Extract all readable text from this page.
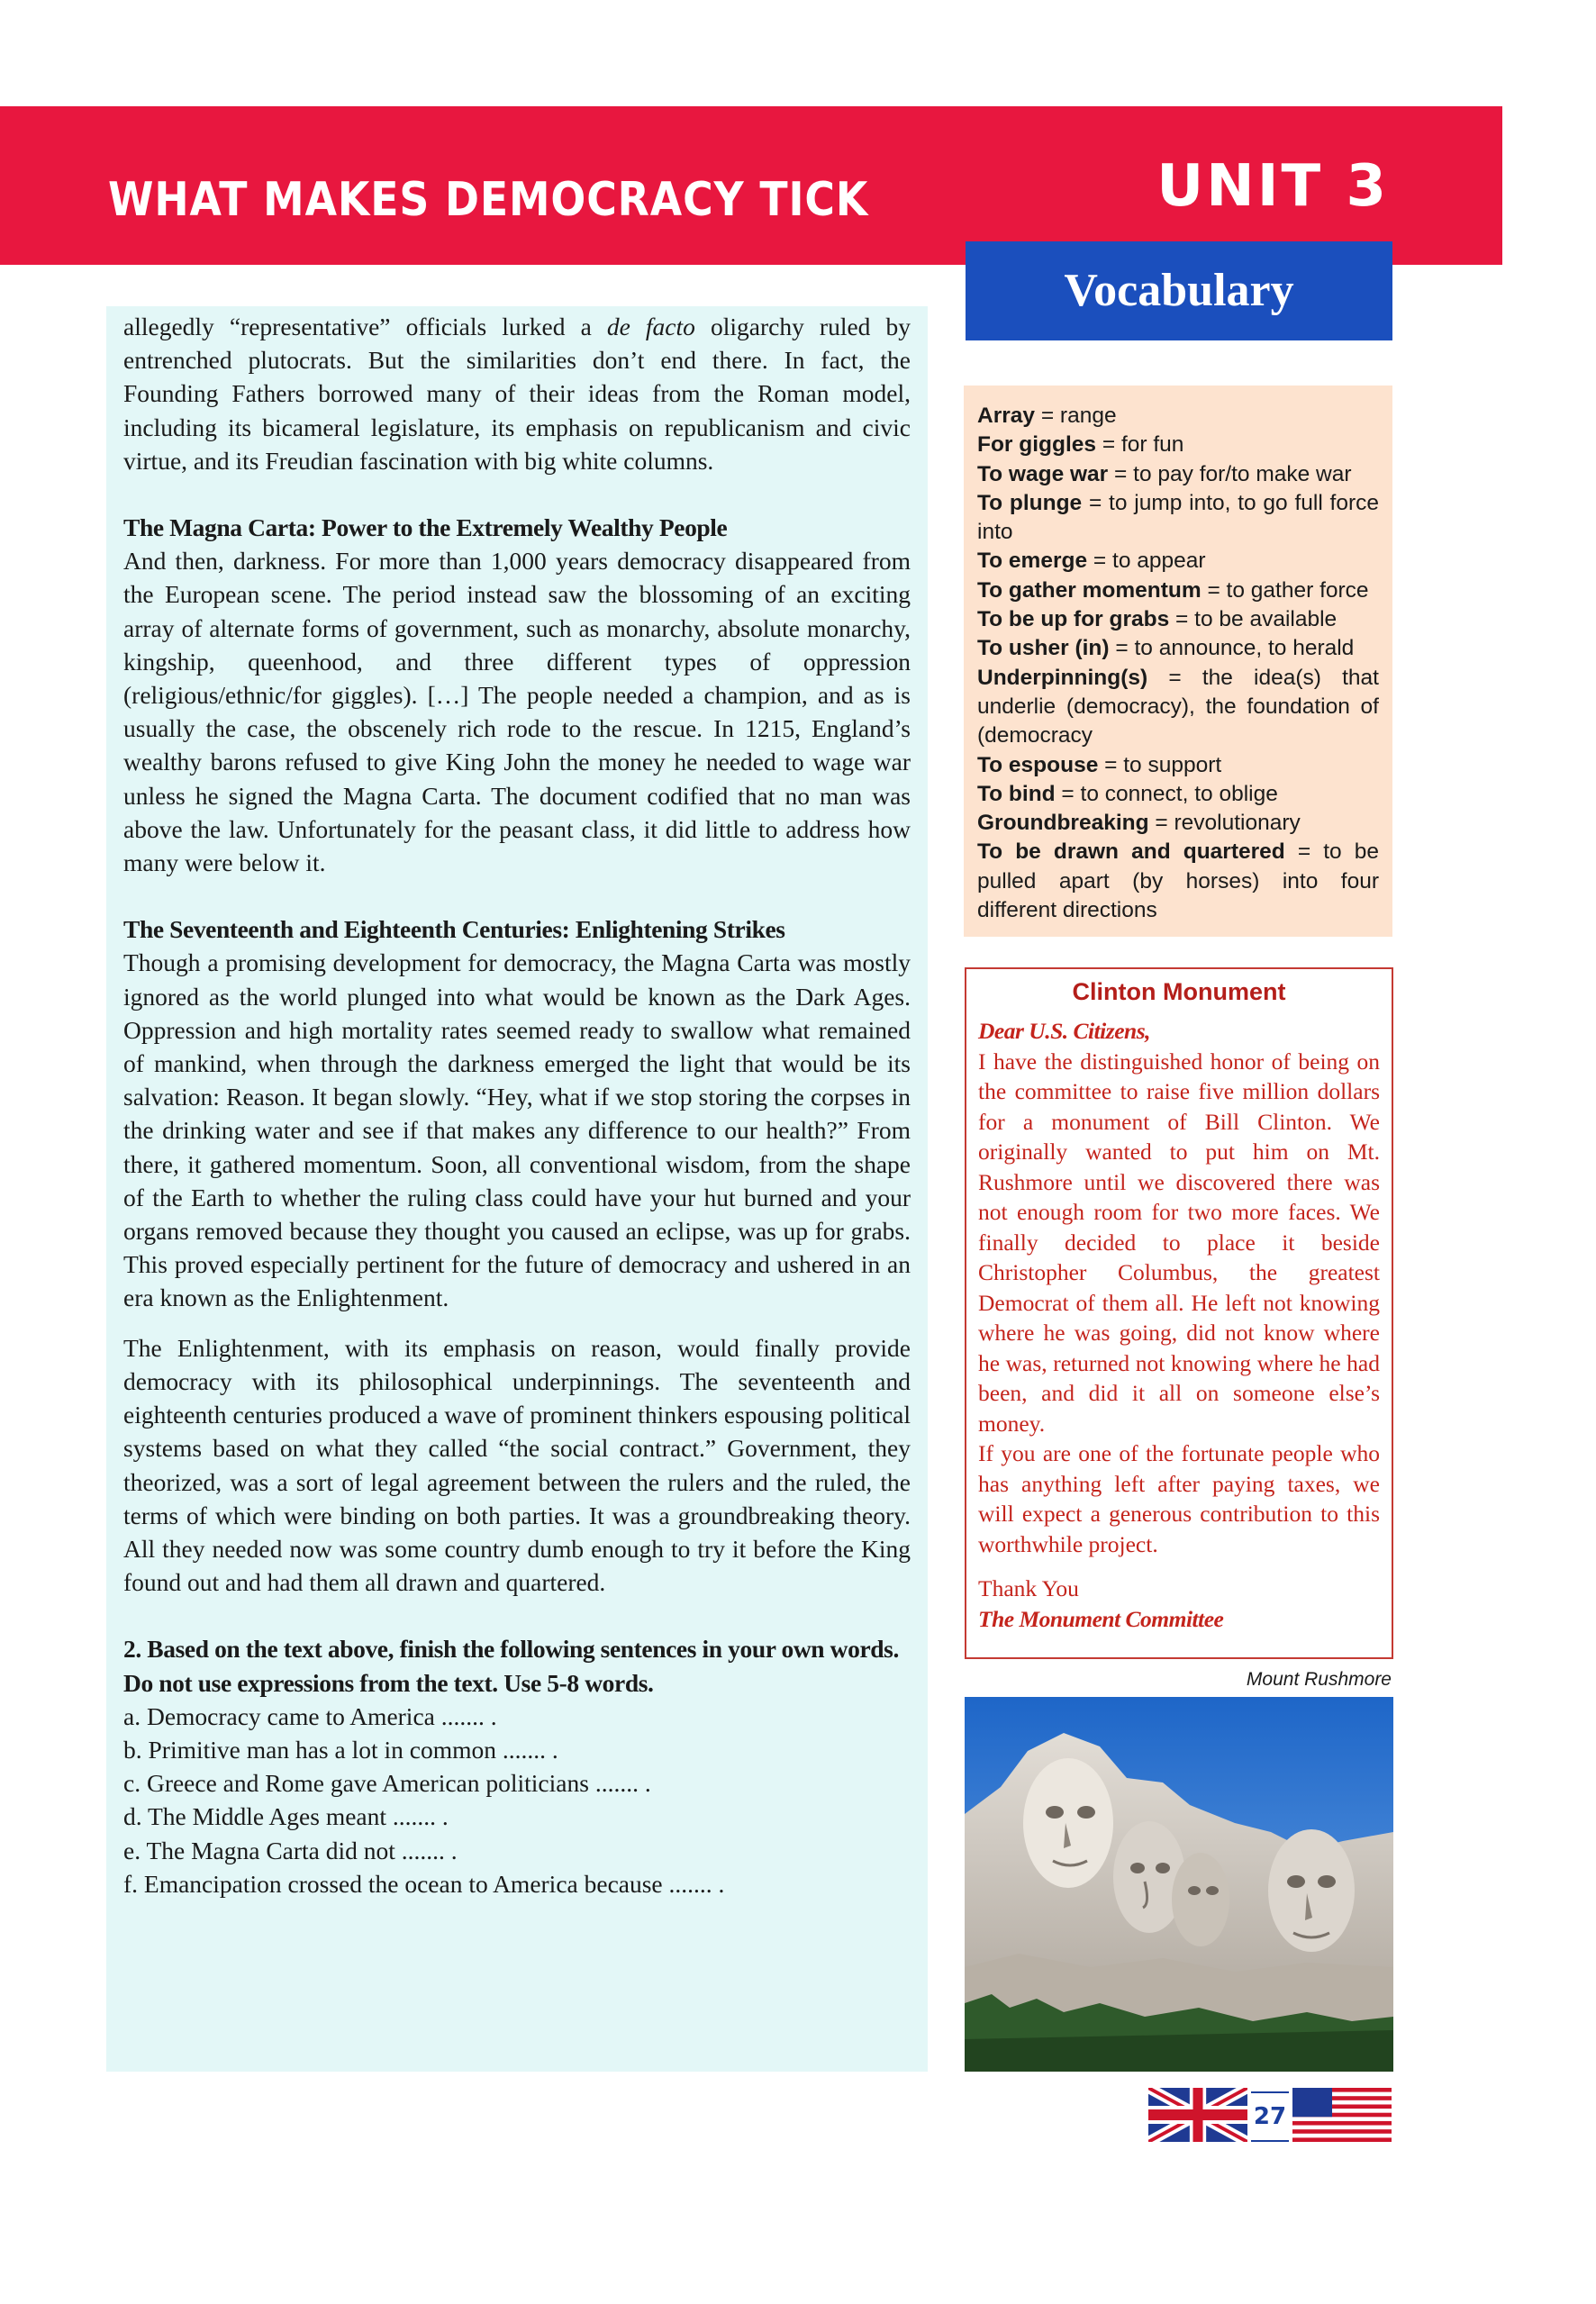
WHAT MAKES DEMOCRACY TICK	UNIT 3
Vocabulary

allegedly “representative” officials lurked a de facto oligarchy ruled by entrenched plutocrats. But the similarities don’t end there. In fact, the Founding Fathers borrowed many of their ideas from the Roman model, including its bicameral legislature, its emphasis on republicanism and civic virtue, and its Freudian fascination with big white columns.

The Magna Carta: Power to the Extremely Wealthy People

And then, darkness. For more than 1,000 years democracy disappeared from the European scene. The period instead saw the blossoming of an exciting array of alternate forms of government, such as monarchy, absolute monarchy, kingship, queenhood, and three different types of oppression (religious/ethnic/for giggles). […] The people needed a champion, and as is usually the case, the obscenely rich rode to the rescue. In 1215, England’s wealthy barons refused to give King John the money he needed to wage war unless he signed the Magna Carta. The document codified that no man was above the law. Unfortunately for the peasant class, it did little to address how many were below it.

The Seventeenth and Eighteenth Centuries: Enlightening Strikes

Though a promising development for democracy, the Magna Carta was mostly ignored as the world plunged into what would be known as the Dark Ages. Oppression and high mortality rates seemed ready to swallow what remained of mankind, when through the darkness emerged the light that would be its salvation: Reason. It began slowly. “Hey, what if we stop storing the corpses in the drinking water and see if that makes any difference to our health?” From there, it gathered momentum. Soon, all conventional wisdom, from the shape of the Earth to whether the ruling class could have your hut burned and your organs removed because they thought you caused an eclipse, was up for grabs. This proved especially pertinent for the future of democracy and ushered in an era known as the Enlightenment.

The Enlightenment, with its emphasis on reason, would finally provide democracy with its philosophical underpinnings. The seventeenth and eighteenth centuries produced a wave of prominent thinkers espousing political systems based on what they called “the social contract.” Government, they theorized, was a sort of legal agreement between the rulers and the ruled, the terms of which were binding on both parties. It was a groundbreaking theory. All they needed now was some country dumb enough to try it before the King found out and had them all drawn and quartered.

2. Based on the text above, finish the following sentences in your own words. Do not use expressions from the text. Use 5-8 words.

a. Democracy came to America ....... .

b. Primitive man has a lot in common ....... .

c. Greece and Rome gave American politicians ....... .

d. The Middle Ages meant ....... .

e. The Magna Carta did not ....... .

f. Emancipation crossed the ocean to America because ....... .

Array = range

For giggles = for fun

To wage war = to pay for/to make war

To plunge = to jump into, to go full force into

To emerge = to appear

To gather momentum = to gather force

To be up for grabs = to be available

To usher (in) = to announce, to herald

Underpinning(s) = the idea(s) that underlie (democracy), the foundation of (democracy

To espouse = to support

To bind = to connect, to oblige

Groundbreaking = revolutionary

To be drawn and quartered = to be pulled apart (by horses) into four different directions

Clinton Monument

Dear U.S. Citizens,

I have the distinguished honor of being on the committee to raise five million dollars for a monument of Bill Clinton. We originally wanted to put him on Mt. Rushmore until we discovered there was not enough room for two more faces. We finally decided to place it beside Christopher Columbus, the greatest Democrat of them all. He left not knowing where he was going, did not know where he was, returned not knowing where he had been, and did it all on someone else’s money.

If you are one of the fortunate people who has anything left after paying taxes, we will expect a generous contribution to this worthwhile project.

Thank You

The Monument Committee

Mount Rushmore
27
